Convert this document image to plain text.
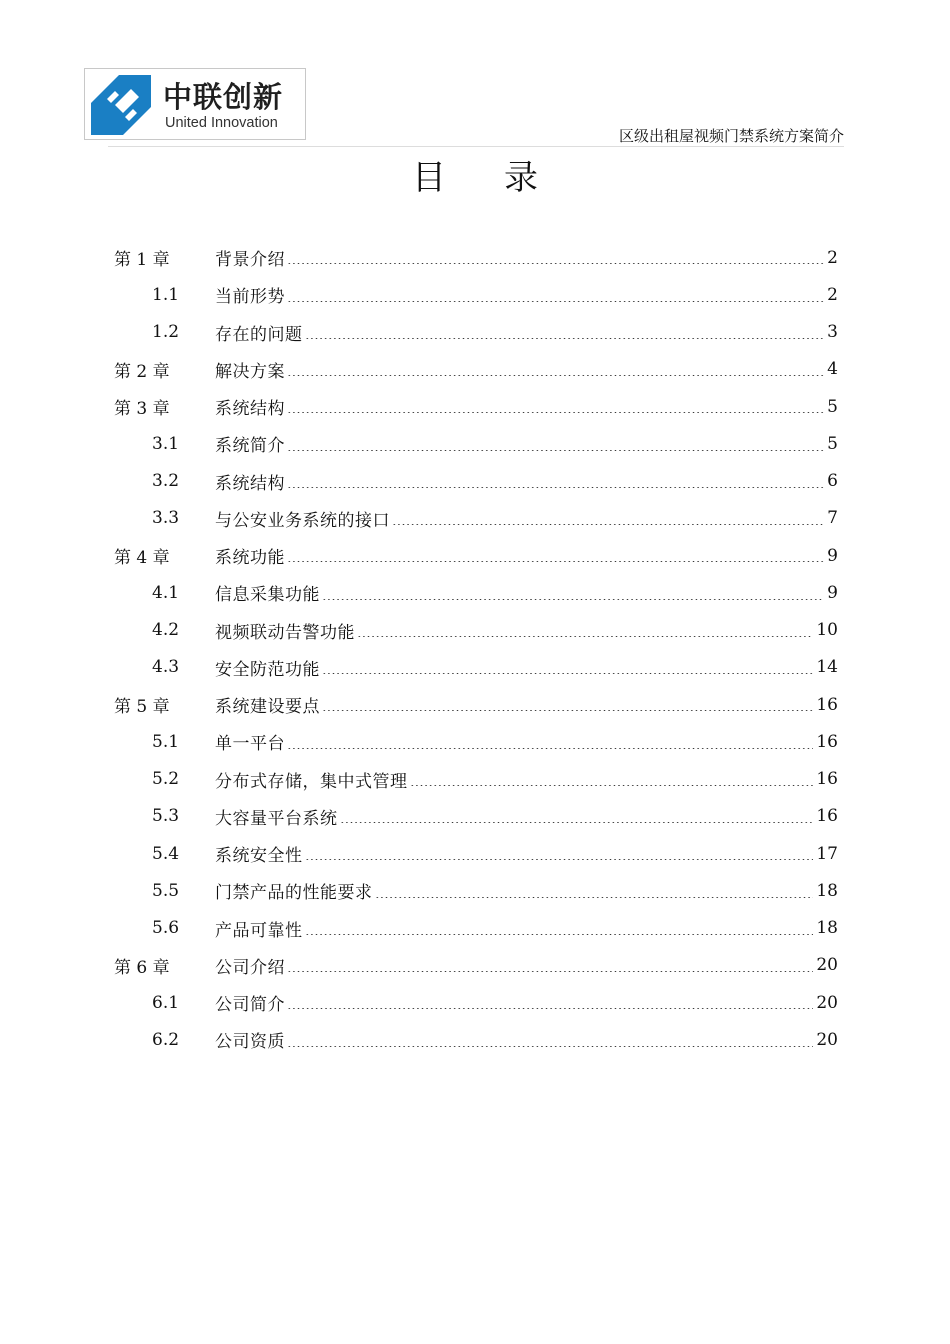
中联创新
United Innovation
区级出租屋视频门禁系统方案简介
目录
第 1 章	背景介绍	2
1.1	当前形势	2
1.2	存在的问题	3
第 2 章	解决方案	4
第 3 章	系统结构	5
3.1	系统简介	5
3.2	系统结构	6
3.3	与公安业务系统的接口	7
第 4 章	系统功能	9
4.1	信息采集功能	9
4.2	视频联动告警功能	10
4.3	安全防范功能	14
第 5 章	系统建设要点	16
5.1	单一平台	16
5.2	分布式存储，集中式管理	16
5.3	大容量平台系统	16
5.4	系统安全性	17
5.5	门禁产品的性能要求	18
5.6	产品可靠性	18
第 6 章	公司介绍	20
6.1	公司简介	20
6.2	公司资质	20
